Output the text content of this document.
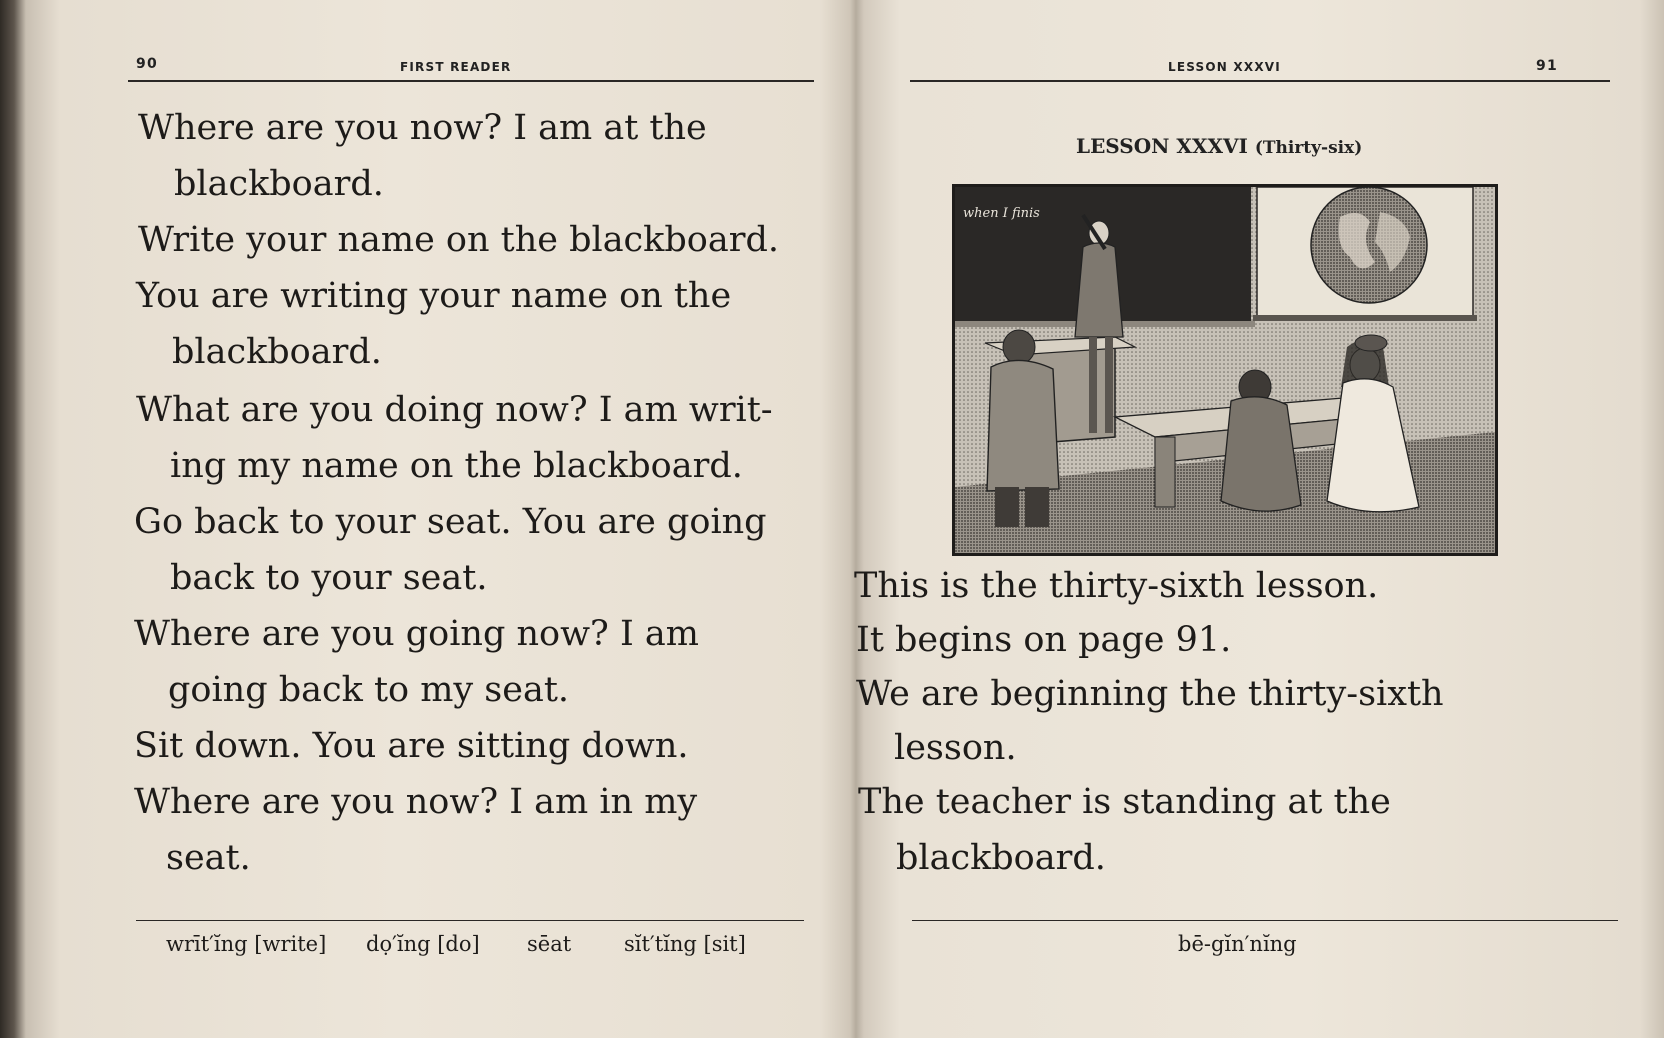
90	FIRST READER
Where are you now? I am at the
blackboard.
Write your name on the blackboard.
You are writing your name on the
blackboard.
What are you doing now? I am writ-
ing my name on the blackboard.
Go back to your seat. You are going
back to your seat.
Where are you going now? I am
going back to my seat.
Sit down. You are sitting down.
Where are you now? I am in my
seat.
wrīt′ĭng [write] dọ′ĭng [do] sēat	sĭt′tĭng [sit]
LESSON XXXVI	91
LESSON XXXVI (Thirty-six)
when I finis
This is the thirty-sixth lesson.
It begins on page 91.
We are beginning the thirty-sixth
lesson.
The teacher is standing at the
blackboard.
bē-gĭn′nĭng
